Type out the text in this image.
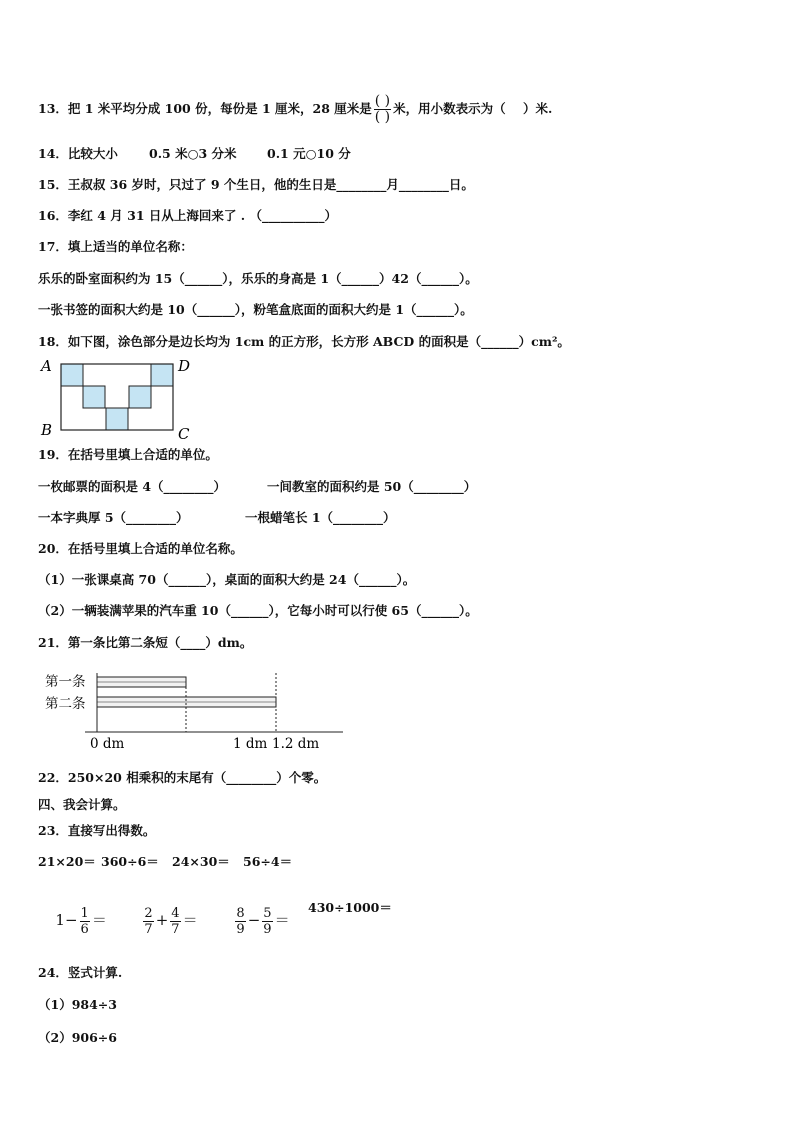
13．把 1 米平均分成 100 份，每份是 1 厘米，28 厘米是 $\frac{( )}{( )}$ 米，用小数表示为（    ）米.
14．比较大小 0.5 米○3 分米 0.1 元○10 分
15．王叔叔 36 岁时，只过了 9 个生日，他的生日是________月________日。
16．李红 4 月 31 日从上海回来了 . （__________）
17．填上适当的单位名称：
乐乐的卧室面积约为 15（______），乐乐的身高是 1（______）42（______）。
一张书签的面积大约是 10（______），粉笔盒底面的面积大约是 1（______）。
18．如下图，涂色部分是边长均为 1cm 的正方形，长方形 ABCD 的面积是（______）cm²。
A	D
B	C
19．在括号里填上合适的单位。
一枚邮票的面积是 4（________）	一间教室的面积约是 50（________）
一本字典厚 5（________）	一根蜡笔长 1（________）
20．在括号里填上合适的单位名称。
（1）一张课桌高 70（______），桌面的面积大约是 24（______）。
（2）一辆装满苹果的汽车重 10（______），它每小时可以行使 65（______）。
21．第一条比第二条短（____）dm。
第一条
第二条
0 dm	1 dm 1.2 dm
22．250×20 相乘积的末尾有（________）个零。
四、我会计算。
23．直接写出得数。
21×20＝ 360÷6＝ 24×30＝ 56÷4＝

$1- \frac{1}{6}$ ＝

	$\frac{2}{7} + \frac{4}{7}$ ＝

	$\frac{8}{9} - \frac{5}{9}$ ＝

430÷1000＝
24．竖式计算.
（1）984÷3
（2）906÷6
